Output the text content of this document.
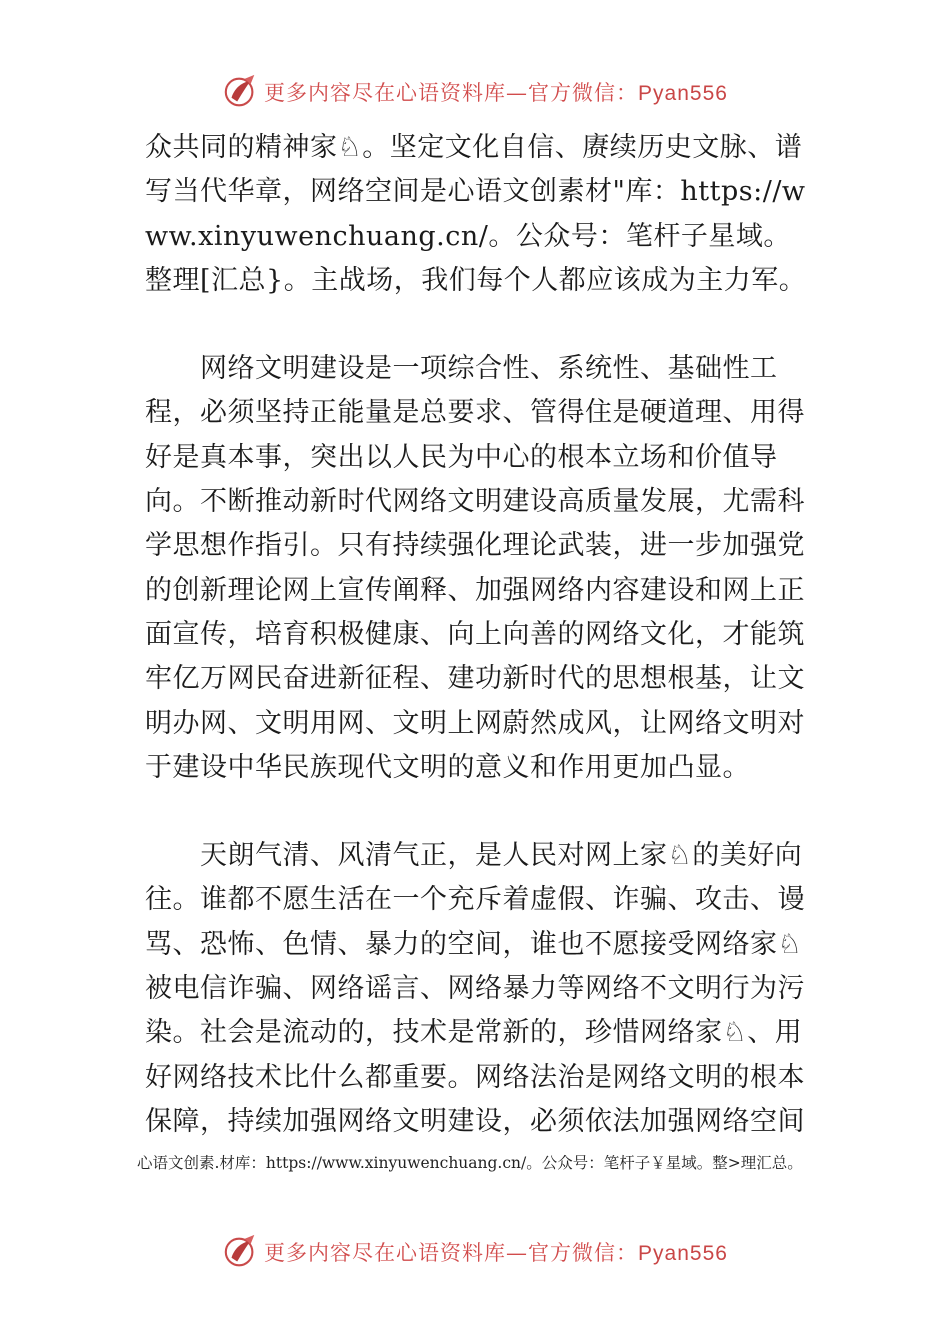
更多内容尽在心语资料库—官方微信：Pyan556

众共同的精神家♘。坚定文化自信、赓续历史文脉、谱写当代华章，网络空间是心语文创素材"库：https://www.xinyuwenchuang.cn/。公众号：笔杆子星域。整理[汇总}。主战场，我们每个人都应该成为主力军。

网络文明建设是一项综合性、系统性、基础性工程，必须坚持正能量是总要求、管得住是硬道理、用得好是真本事，突出以人民为中心的根本立场和价值导向。不断推动新时代网络文明建设高质量发展，尤需科学思想作指引。只有持续强化理论武装，进一步加强党的创新理论网上宣传阐释、加强网络内容建设和网上正面宣传，培育积极健康、向上向善的网络文化，才能筑牢亿万网民奋进新征程、建功新时代的思想根基，让文明办网、文明用网、文明上网蔚然成风，让网络文明对于建设中华民族现代文明的意义和作用更加凸显。

天朗气清、风清气正，是人民对网上家♘的美好向往。谁都不愿生活在一个充斥着虚假、诈骗、攻击、谩骂、恐怖、色情、暴力的空间，谁也不愿接受网络家♘被电信诈骗、网络谣言、网络暴力等网络不文明行为污染。社会是流动的，技术是常新的，珍惜网络家♘、用好网络技术比什么都重要。网络法治是网络文明的根本保障，持续加强网络文明建设，必须依法加强网络空间

心语文创素.材库：https://www.xinyuwenchuang.cn/。公众号：笔杆子￥星域。整>理汇总。
更多内容尽在心语资料库—官方微信：Pyan556
